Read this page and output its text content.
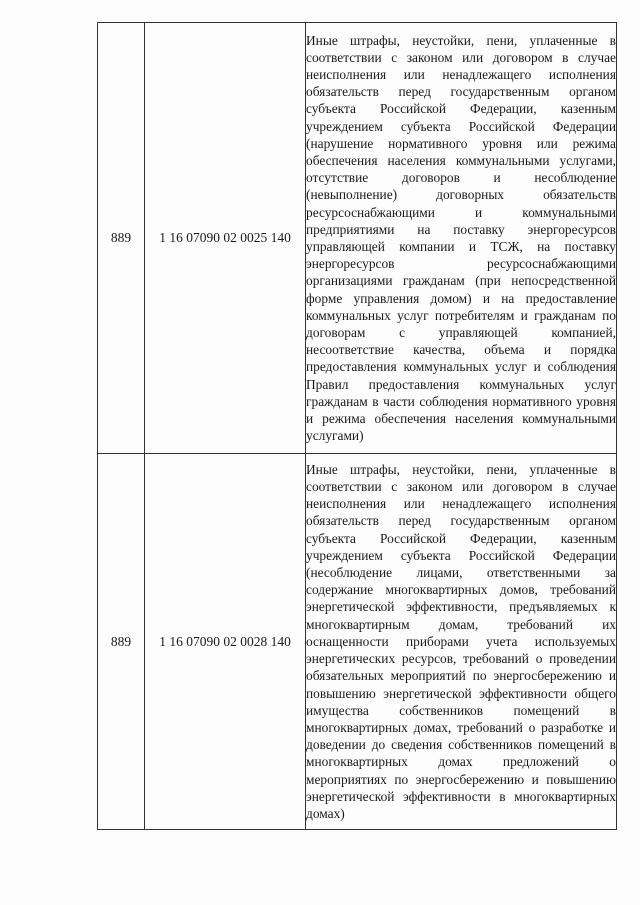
889	1 16 07090 02 0025 140	Иные штрафы, неустойки, пени, уплаченные в соответствии с законом или договором в случае неисполнения или ненадлежащего исполнения обязательств перед государственным органом субъекта Российской Федерации, казенным учреждением субъекта Российской Федерации (нарушение нормативного уровня или режима обеспечения населения коммунальными услугами, отсутствие договоров и несоблюдение (невыполнение) договорных обязательств ресурсоснабжающими и коммунальными предприятиями на поставку энергоресурсов управляющей компании и ТСЖ, на поставку энергоресурсов ресурсоснабжающими организациями гражданам (при непосредственной форме управления домом) и на предоставление коммунальных услуг потребителям и гражданам по договорам с управляющей компанией, несоответствие качества, объема и порядка предоставления коммунальных услуг и соблюдения Правил предоставления коммунальных услуг гражданам в части соблюдения нормативного уровня и режима обеспечения населения коммунальными услугами)

889	1 16 07090 02 0028 140	Иные штрафы, неустойки, пени, уплаченные в соответствии с законом или договором в случае неисполнения или ненадлежащего исполнения обязательств перед государственным органом субъекта Российской Федерации, казенным учреждением субъекта Российской Федерации (несоблюдение лицами, ответственными за содержание многоквартирных домов, требований энергетической эффективности, предъявляемых к многоквартирным домам, требований их оснащенности приборами учета используемых энергетических ресурсов, требований о проведении обязательных мероприятий по энергосбережению и повышению энергетической эффективности общего имущества собственников помещений в многоквартирных домах, требований о разработке и доведении до сведения собственников помещений в многоквартирных домах предложений о мероприятиях по энергосбережению и повышению энергетической эффективности в многоквартирных домах)
